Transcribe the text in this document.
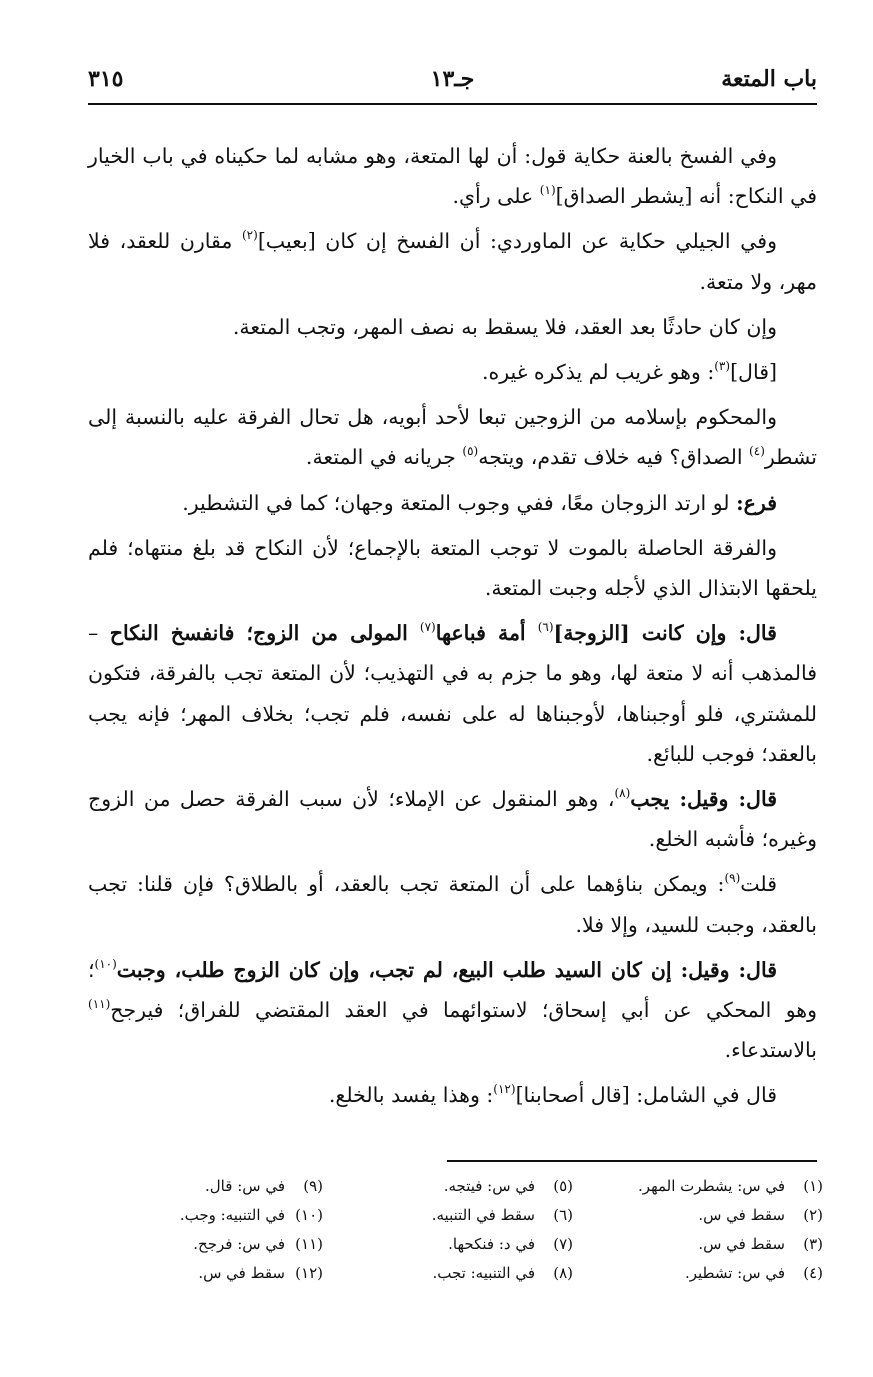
باب المتعة
جـ١٣
٣١٥

وفي الفسخ بالعنة حكاية قول: أن لها المتعة، وهو مشابه لما حكيناه في باب الخيار في النكاح: أنه [يشطر الصداق]$^{(١)}$ على رأي.

وفي الجيلي حكاية عن الماوردي: أن الفسخ إن كان [بعيب]$^{(٢)}$ مقارن للعقد، فلا مهر، ولا متعة.

وإن كان حادثًا بعد العقد، فلا يسقط به نصف المهر، وتجب المتعة.

[قال]$^{(٣)}$: وهو غريب لم يذكره غيره.

والمحكوم بإسلامه من الزوجين تبعا لأحد أبويه، هل تحال الفرقة عليه بالنسبة إلى تشطر$^{(٤)}$ الصداق؟ فيه خلاف تقدم، ويتجه$^{(٥)}$ جريانه في المتعة.

فرع: لو ارتد الزوجان معًا، ففي وجوب المتعة وجهان؛ كما في التشطير.

والفرقة الحاصلة بالموت لا توجب المتعة بالإجماع؛ لأن النكاح قد بلغ منتهاه؛ فلم يلحقها الابتذال الذي لأجله وجبت المتعة.

قال: وإن كانت [الزوجة]$^{(٦)}$ أمة فباعها$^{(٧)}$ المولى من الزوج؛ فانفسخ النكاح – فالمذهب أنه لا متعة لها، وهو ما جزم به في التهذيب؛ لأن المتعة تجب بالفرقة، فتكون للمشتري، فلو أوجبناها، لأوجبناها له على نفسه، فلم تجب؛ بخلاف المهر؛ فإنه يجب بالعقد؛ فوجب للبائع.

قال: وقيل: يجب$^{(٨)}$، وهو المنقول عن الإملاء؛ لأن سبب الفرقة حصل من الزوج وغيره؛ فأشبه الخلع.

قلت$^{(٩)}$: ويمكن بناؤهما على أن المتعة تجب بالعقد، أو بالطلاق؟ فإن قلنا: تجب بالعقد، وجبت للسيد، وإلا فلا.

قال: وقيل: إن كان السيد طلب البيع، لم تجب، وإن كان الزوج طلب، وجبت$^{(١٠)}$؛ وهو المحكي عن أبي إسحاق؛ لاستوائهما في العقد المقتضي للفراق؛ فيرجح$^{(١١)}$ بالاستدعاء.

قال في الشامل: [قال أصحابنا]$^{(١٢)}$: وهذا يفسد بالخلع.

(١)في س: يشطرت المهر.
(٢)سقط في س.
(٣)سقط في س.
(٤)في س: تشطير.
(٥)في س: فيتجه.
(٦)سقط في التنبيه.
(٧)في د: فنكحها.
(٨)في التنبيه: تجب.
(٩)في س: قال.
(١٠)في التنبيه: وجب.
(١١)في س: فرجح.
(١٢)سقط في س.
